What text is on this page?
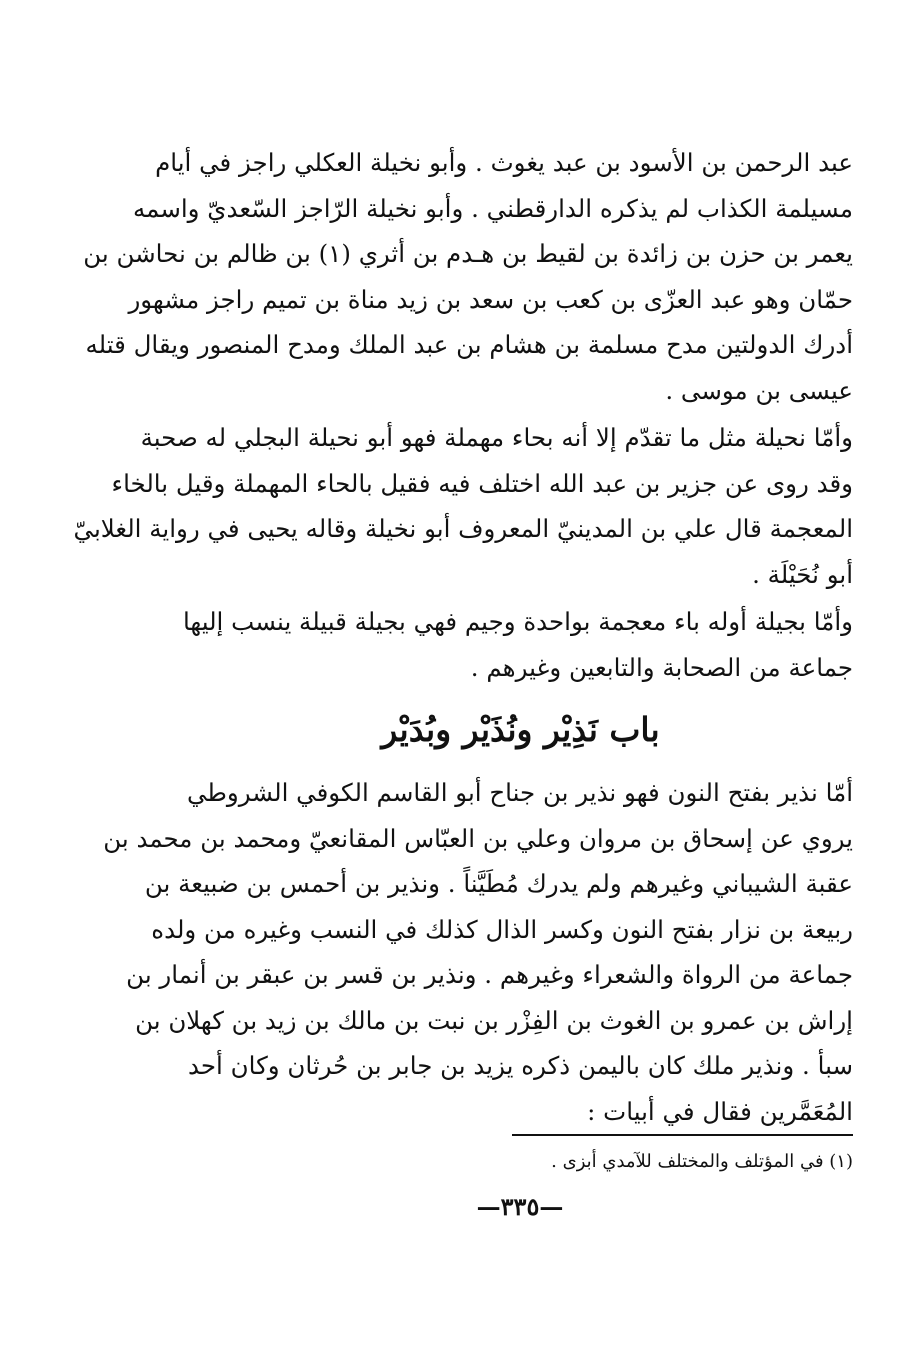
عبد الرحمن بن الأسود بن عبد يغوث . وأبو نخيلة العكلي راجز في أيام
مسيلمة الكذاب لم يذكره الدارقطني . وأبو نخيلة الرّاجز السّعديّ واسمه
يعمر بن حزن بن زائدة بن لقيط بن هـدم بن أثري (١) بن ظالم بن نحاشن بن
حمّان وهو عبد العزّى بن كعب بن سعد بن زيد مناة بن تميم راجز مشهور
أدرك الدولتين مدح مسلمة بن هشام بن عبد الملك ومدح المنصور ويقال قتله
عيسى بن موسى .
وأمّا نحيلة مثل ما تقدّم إلا أنه بحاء مهملة فهو أبو نحيلة البجلي له صحبة
وقد روى عن جزير بن عبد الله اختلف فيه فقيل بالحاء المهملة وقيل بالخاء
المعجمة قال علي بن المدينيّ المعروف أبو نخيلة وقاله يحيى في رواية الغلابيّ
أبو نُحَيْلَة .
وأمّا بجيلة أوله باء معجمة بواحدة وجيم فهي بجيلة قبيلة ينسب إليها
جماعة من الصحابة والتابعين وغيرهم .
باب نَذِيْر ونُذَيْر وبُدَيْر
أمّا نذير بفتح النون فهو نذير بن جناح أبو القاسم الكوفي الشروطي
يروي عن إسحاق بن مروان وعلي بن العبّاس المقانعيّ ومحمد بن محمد بن
عقبة الشيباني وغيرهم ولم يدرك مُطَيَّناً . ونذير بن أحمس بن ضبيعة بن
ربيعة بن نزار بفتح النون وكسر الذال كذلك في النسب وغيره من ولده
جماعة من الرواة والشعراء وغيرهم . ونذير بن قسر بن عبقر بن أنمار بن
إراش بن عمرو بن الغوث بن الفِزْر بن نبت بن مالك بن زيد بن كهلان بن
سبأ . ونذير ملك كان باليمن ذكره يزيد بن جابر بن حُرثان وكان أحد
المُعَمَّرين فقال في أبيات :
(١) في المؤتلف والمختلف للآمدي أبزى .
—٣٣٥—
